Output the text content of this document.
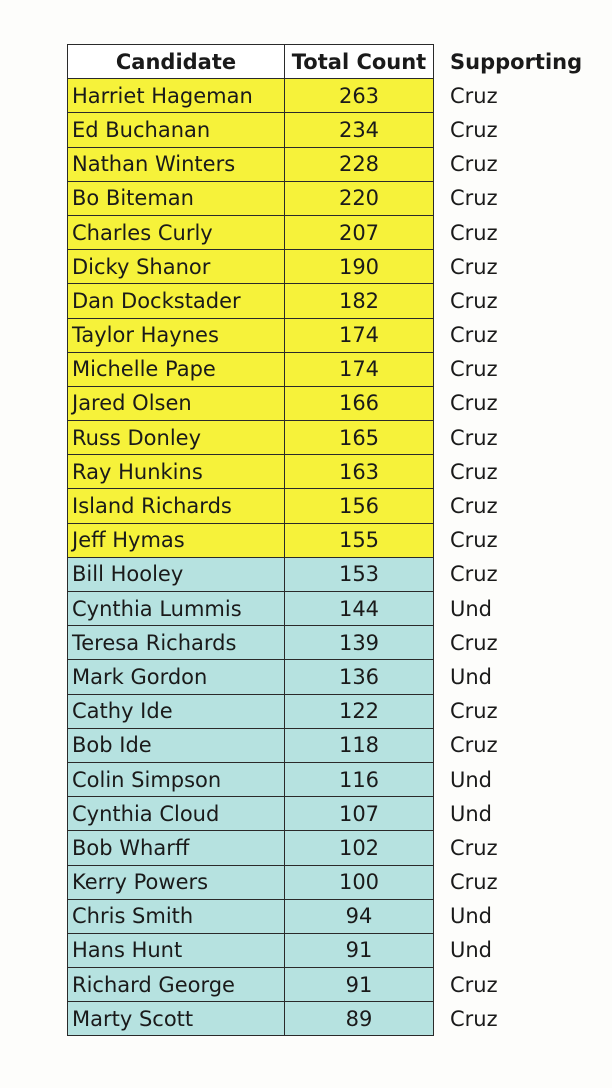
Candidate	Total Count	Supporting
Harriet Hageman	263	Cruz
Ed Buchanan	234	Cruz
Nathan Winters	228	Cruz
Bo Biteman	220	Cruz
Charles Curly	207	Cruz
Dicky Shanor	190	Cruz
Dan Dockstader	182	Cruz
Taylor Haynes	174	Cruz
Michelle Pape	174	Cruz
Jared Olsen	166	Cruz
Russ Donley	165	Cruz
Ray Hunkins	163	Cruz
Island Richards	156	Cruz
Jeff Hymas	155	Cruz
Bill Hooley	153	Cruz
Cynthia Lummis	144	Und
Teresa Richards	139	Cruz
Mark Gordon	136	Und
Cathy Ide	122	Cruz
Bob Ide	118	Cruz
Colin Simpson	116	Und
Cynthia Cloud	107	Und
Bob Wharff	102	Cruz
Kerry Powers	100	Cruz
Chris Smith	94	Und
Hans Hunt	91	Und
Richard George	91	Cruz
Marty Scott	89	Cruz
